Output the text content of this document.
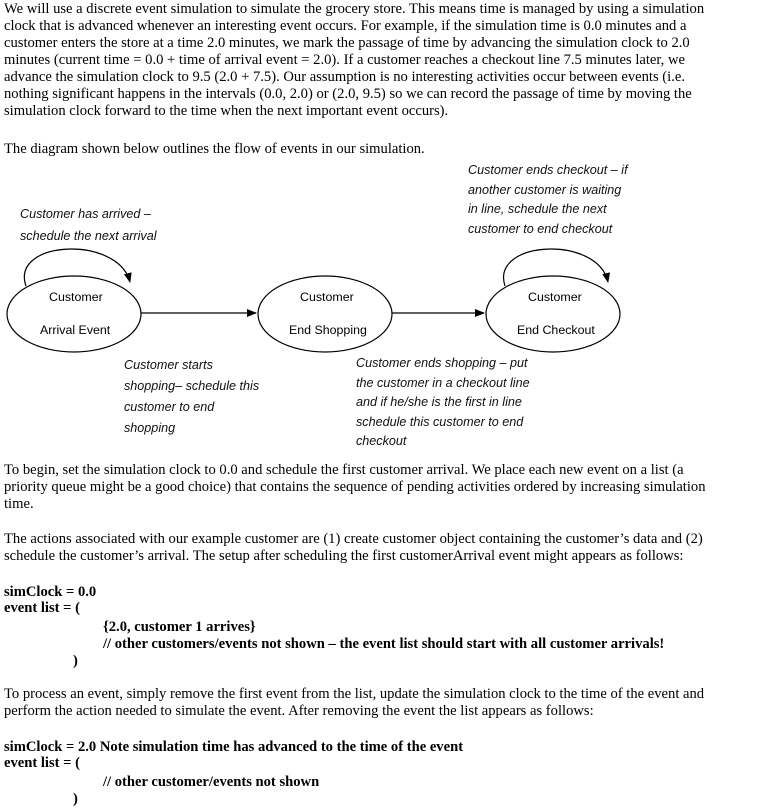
We will use a discrete event simulation to simulate the grocery store. This means time is managed by using a simulation
clock that is advanced whenever an interesting event occurs. For example, if the simulation time is 0.0 minutes and a
customer enters the store at a time 2.0 minutes, we mark the passage of time by advancing the simulation clock to 2.0
minutes (current time = 0.0 + time of arrival event = 2.0). If a customer reaches a checkout line 7.5 minutes later, we
advance the simulation clock to 9.5 (2.0 + 7.5). Our assumption is no interesting activities occur between events (i.e.
nothing significant happens in the intervals (0.0, 2.0) or (2.0, 9.5) so we can record the passage of time by moving the
simulation clock forward to the time when the next important event occurs).
The diagram shown below outlines the flow of events in our simulation.
Customer
Arrival Event
Customer
End Shopping
Customer
End Checkout
Customer has arrived –
schedule the next arrival
Customer ends checkout – if
another customer is waiting
in line, schedule the next
customer to end checkout
Customer starts
shopping– schedule this
customer to end
shopping
Customer ends shopping – put
the customer in a checkout line
and if he/she is the first in line
schedule this customer to end
checkout
To begin, set the simulation clock to 0.0 and schedule the first customer arrival. We place each new event on a list (a
priority queue might be a good choice) that contains the sequence of pending activities ordered by increasing simulation
time.
The actions associated with our example customer are (1) create customer object containing the customer’s data and (2)
schedule the customer’s arrival. The setup after scheduling the first customerArrival event might appears as follows:
simClock = 0.0
event list = (
{2.0, customer 1 arrives}
// other customers/events not shown – the event list should start with all customer arrivals!
)
To process an event, simply remove the first event from the list, update the simulation clock to the time of the event and
perform the action needed to simulate the event. After removing the event the list appears as follows:
simClock = 2.0 Note simulation time has advanced to the time of the event
event list = (
// other customer/events not shown
)
